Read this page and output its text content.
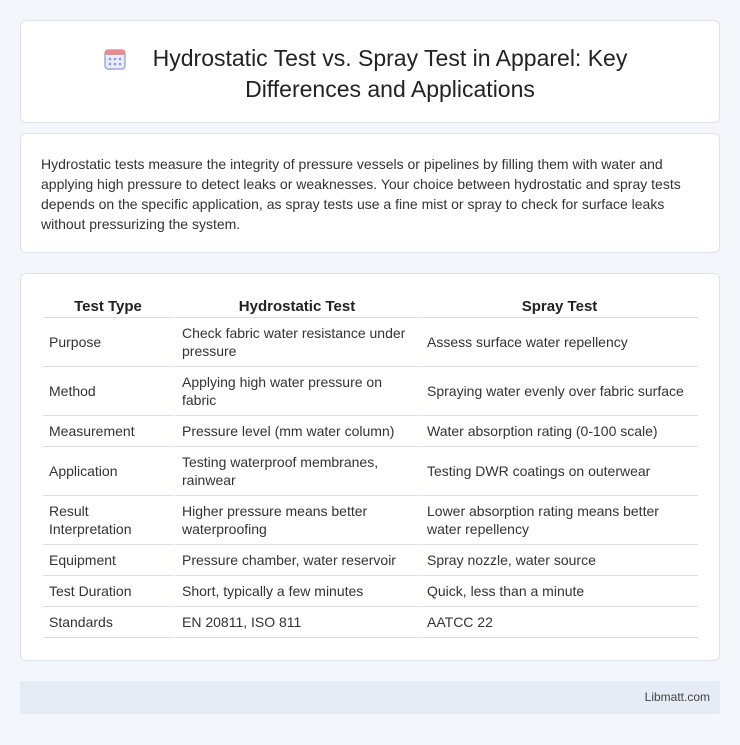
Hydrostatic Test vs. Spray Test in Apparel: Key Differences and Applications

Hydrostatic tests measure the integrity of pressure vessels or pipelines by filling them with water and applying high pressure to detect leaks or weaknesses. Your choice between hydrostatic and spray tests depends on the specific application, as spray tests use a fine mist or spray to check for surface leaks without pressurizing the system.

Test Type	Hydrostatic Test	Spray Test
Purpose	Check fabric water resistance under pressure	Assess surface water repellency
Method	Applying high water pressure on fabric	Spraying water evenly over fabric surface
Measurement	Pressure level (mm water column)	Water absorption rating (0-100 scale)
Application	Testing waterproof membranes, rainwear	Testing DWR coatings on outerwear
Result Interpretation	Higher pressure means better waterproofing	Lower absorption rating means better water repellency
Equipment	Pressure chamber, water reservoir	Spray nozzle, water source
Test Duration	Short, typically a few minutes	Quick, less than a minute
Standards	EN 20811, ISO 811	AATCC 22
Libmatt.com
